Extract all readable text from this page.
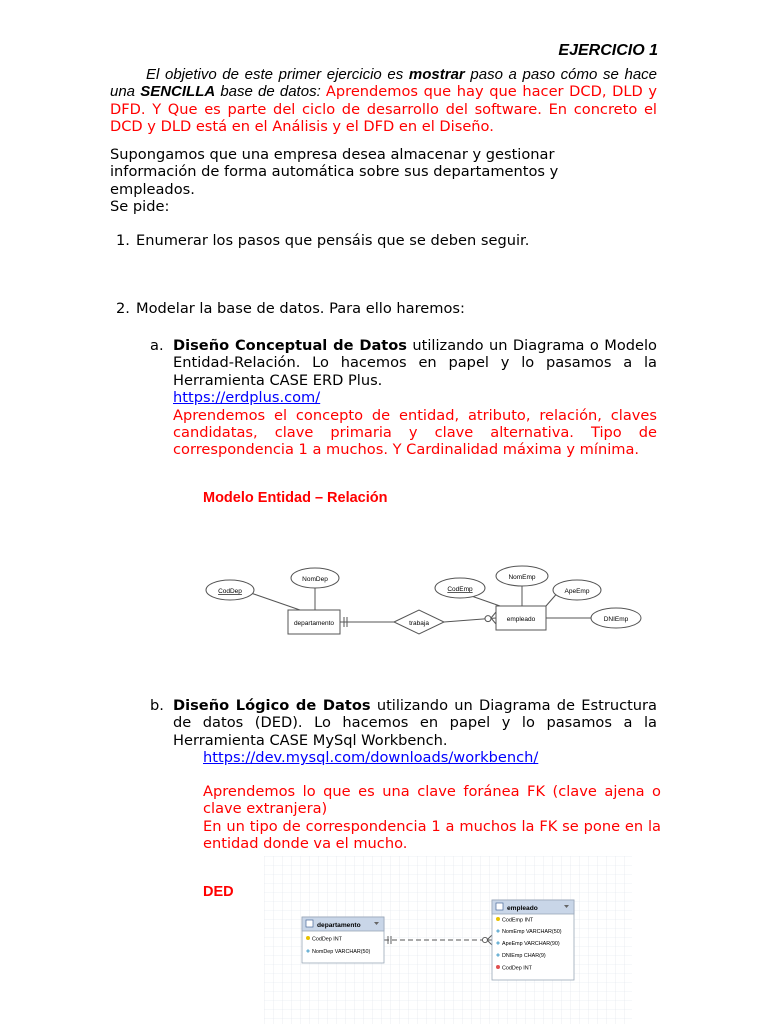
EJERCICIO 1
El objetivo de este primer ejercicio es mostrar paso a paso cómo se hace una SENCILLA base de datos: Aprendemos que hay que hacer DCD, DLD y DFD. Y Que es parte del ciclo de desarrollo del software. En concreto el DCD y DLD está en el Análisis y el DFD en el Diseño.
Supongamos que una empresa desea almacenar y gestionar información de forma automática sobre sus departamentos y empleados.
Se pide:
1. Enumerar los pasos que pensáis que se deben seguir.
2. Modelar la base de datos. Para ello haremos:
a. Diseño Conceptual de Datos utilizando un Diagrama o Modelo Entidad-Relación. Lo hacemos en papel y lo pasamos a la Herramienta CASE ERD Plus.
https://erdplus.com/
Aprendemos el concepto de entidad, atributo, relación, claves candidatas, clave primaria y clave alternativa. Tipo de correspondencia 1 a muchos. Y Cardinalidad máxima y mínima.
Modelo Entidad – Relación
CodDep
NomDep
departamento	trabaja
CodEmp
NomEmp
ApeEmp
empleado	DNIEmp
b. Diseño Lógico de Datos utilizando un Diagrama de Estructura de datos (DED). Lo hacemos en papel y lo pasamos a la Herramienta CASE MySql Workbench.
https://dev.mysql.com/downloads/workbench/
Aprendemos lo que es una clave foránea FK (clave ajena o clave extranjera)
En un tipo de correspondencia 1 a muchos la FK se pone en la entidad donde va el mucho.
DED
departamento
CodDep INT
NomDep VARCHAR(50)
empleado
CodEmp INT
NomEmp VARCHAR(50)
ApeEmp VARCHAR(90)
DNIEmp CHAR(9)
CodDep INT
